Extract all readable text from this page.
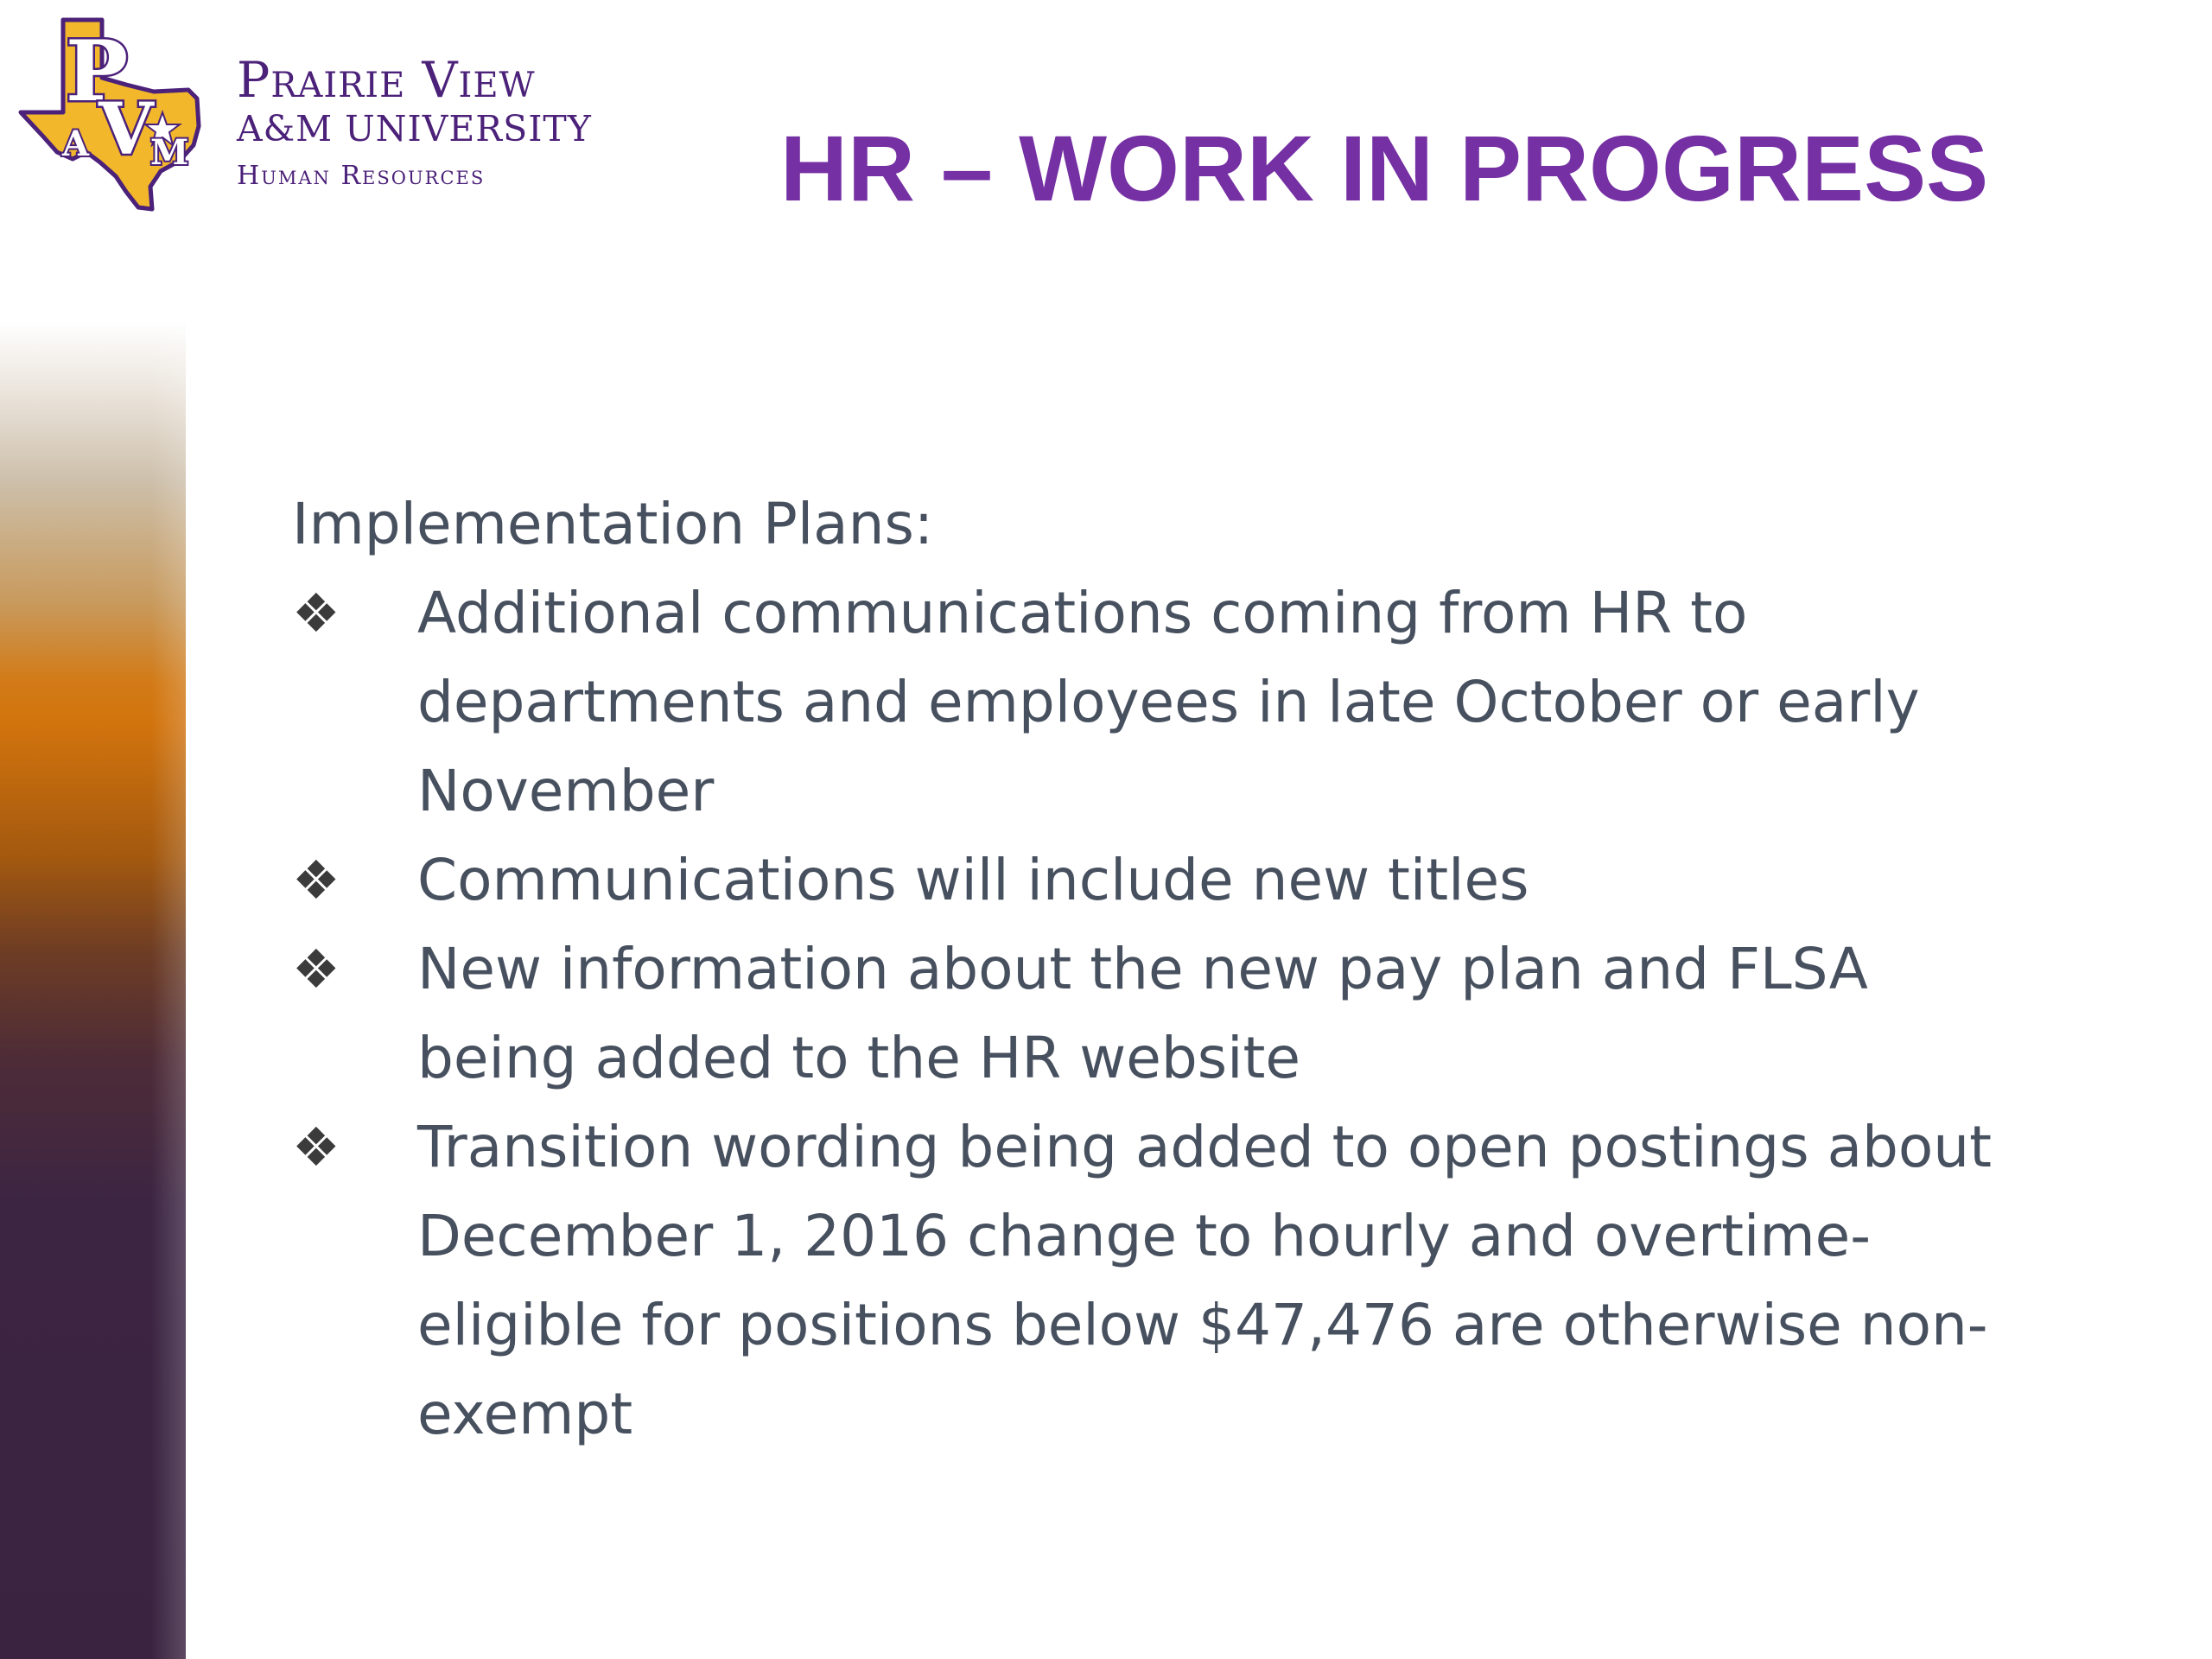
P
V
A M
Prairie View
A&M UNIVERSITY
Human Resources	HR – WORK IN PROGRESS
Implementation Plans:
❖	Additional communications coming from HR to departments and employees in late October or early November
❖	Communications will include new titles
❖	New information about the new pay plan and FLSA being added to the HR website
❖	Transition wording being added to open postings about December 1, 2016 change to hourly and overtime-eligible for positions below $47,476 are otherwise non-exempt
